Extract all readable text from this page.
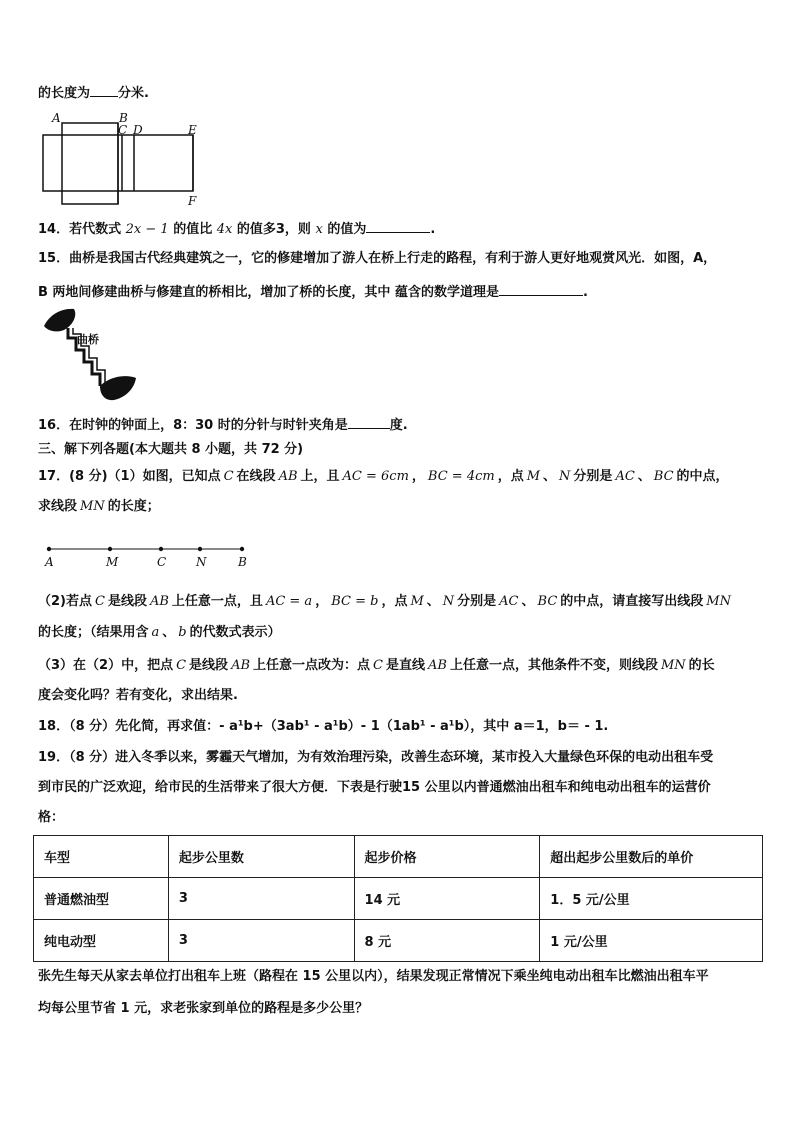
的长度为 分米.
A	B
C D	E
F
14．若代数式 2x − 1 的值比 4x 的值多3，则 x 的值为	.
15．曲桥是我国古代经典建筑之一，它的修建增加了游人在桥上行走的路程，有利于游人更好地观赏风光．如图，A，
B 两地间修建曲桥与修建直的桥相比，增加了桥的长度，其中 蕴含的数学道理是	.
曲桥
16．在时钟的钟面上，8：30 时的分针与时针夹角是	度.
三、解下列各题(本大题共 8 小题，共 72 分)
17．(8 分)（1）如图，已知点 C 在线段 AB 上，且 AC = 6cm ， BC = 4cm ，点 M 、 N 分别是 AC 、 BC 的中点，
求线段 MN 的长度；
A	M	C N	B
（2)若点 C 是线段 AB 上任意一点，且 AC = a ， BC = b ，点 M 、 N 分别是 AC 、 BC 的中点，请直接写出线段 MN
的长度；（结果用含 a 、 b 的代数式表示）
（3）在（2）中，把点 C 是线段 AB 上任意一点改为：点 C 是直线 AB 上任意一点，其他条件不变，则线段 MN 的长
度会变化吗？若有变化，求出结果.
18．（8 分）先化简，再求值：- a¹b+（3ab¹ - a¹b）- 1（1ab¹ - a¹b），其中 a＝1，b＝ - 1.
19．（8 分）进入冬季以来，雾霾天气增加，为有效治理污染，改善生态环境，某市投入大量绿色环保的电动出租车受
到市民的广泛欢迎，给市民的生活带来了很大方便．下表是行驶15 公里以内普通燃油出租车和纯电动出租车的运营价
格：
车型	起步公里数	起步价格	超出起步公里数后的单价
普通燃油型	3	14 元	1．5 元/公里
纯电动型	3	8 元	1 元/公里
张先生每天从家去单位打出租车上班（路程在 15 公里以内），结果发现正常情况下乘坐纯电动出租车比燃油出租车平
均每公里节省 1 元，求老张家到单位的路程是多少公里？
